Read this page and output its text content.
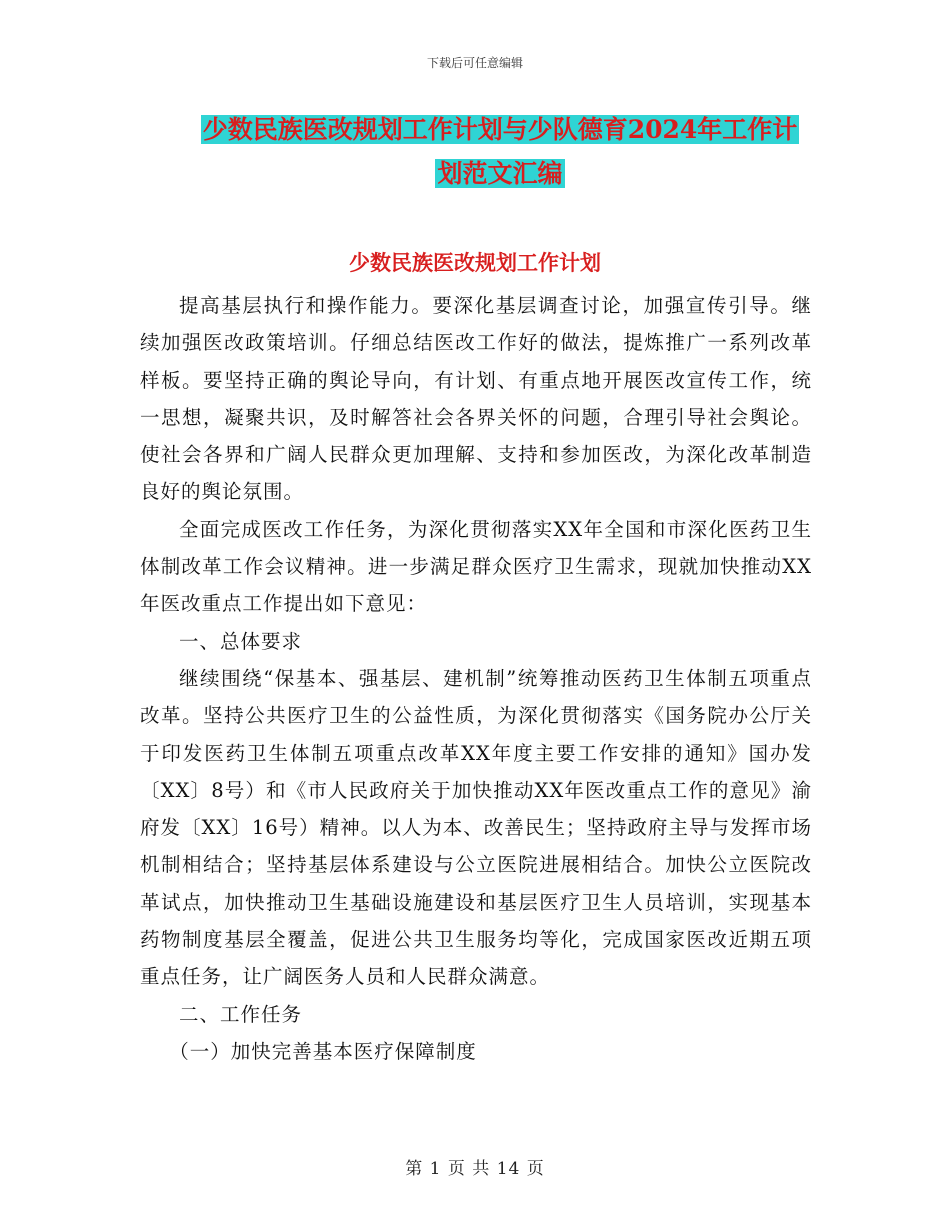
下载后可任意编辑
少数民族医改规划工作计划与少队德育2024年工作计
划范文汇编
少数民族医改规划工作计划

提高基层执行和操作能力。要深化基层调查讨论，加强宣传引导。继续加强医改政策培训。仔细总结医改工作好的做法，提炼推广一系列改革样板。要坚持正确的舆论导向，有计划、有重点地开展医改宣传工作，统一思想，凝聚共识，及时解答社会各界关怀的问题，合理引导社会舆论。使社会各界和广阔人民群众更加理解、支持和参加医改，为深化改革制造良好的舆论氛围。

全面完成医改工作任务，为深化贯彻落实XX年全国和市深化医药卫生体制改革工作会议精神。进一步满足群众医疗卫生需求，现就加快推动XX年医改重点工作提出如下意见：

一、总体要求

继续围绕“保基本、强基层、建机制”统筹推动医药卫生体制五项重点改革。坚持公共医疗卫生的公益性质，为深化贯彻落实《国务院办公厅关于印发医药卫生体制五项重点改革XX年度主要工作安排的通知》国办发〔XX〕8号）和《市人民政府关于加快推动XX年医改重点工作的意见》渝府发〔XX〕16号）精神。以人为本、改善民生；坚持政府主导与发挥市场机制相结合；坚持基层体系建设与公立医院进展相结合。加快公立医院改革试点，加快推动卫生基础设施建设和基层医疗卫生人员培训，实现基本药物制度基层全覆盖，促进公共卫生服务均等化，完成国家医改近期五项重点任务，让广阔医务人员和人民群众满意。

二、工作任务

（一）加快完善基本医疗保障制度

第 1 页 共 14 页
